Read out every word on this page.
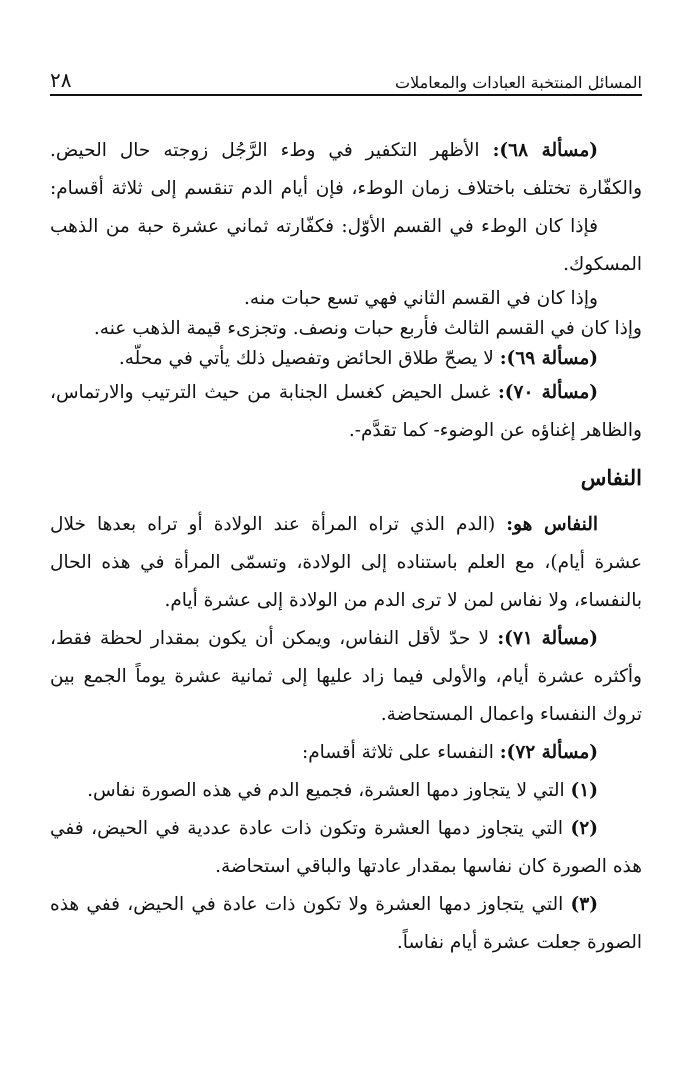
المسائل المنتخبة العبادات والمعاملات
٢٨
(مسألة ٦٨): الأظهر التكفير في وطء الرَّجُل زوجته حال الحيض.
والكفّارة تختلف باختلاف زمان الوطء، فإن أيام الدم تنقسم إلى ثلاثة أقسام:
فإذا كان الوطء في القسم الأوّل: فكفّارته ثماني عشرة حبة من الذهب
المسكوك.
وإذا كان في القسم الثاني فهي تسع حبات منه.
وإذا كان في القسم الثالث فأربع حبات ونصف. وتجزىء قيمة الذهب عنه.
(مسألة ٦٩): لا يصحّ طلاق الحائض وتفصيل ذلك يأتي في محلّه.
(مسألة ٧٠): غسل الحيض كغسل الجنابة من حيث الترتيب والارتماس،
والظاهر إغناؤه عن الوضوء- كما تقدَّم-.
النفاس
النفاس هو: (الدم الذي تراه المرأة عند الولادة أو تراه بعدها خلال
عشرة أيام)، مع العلم باستناده إلى الولادة، وتسمّى المرأة في هذه الحال
بالنفساء، ولا نفاس لمن لا ترى الدم من الولادة إلى عشرة أيام.
(مسألة ٧١): لا حدّ لأقل النفاس، ويمكن أن يكون بمقدار لحظة فقط،
وأكثره عشرة أيام، والأولى فيما زاد عليها إلى ثمانية عشرة يوماً الجمع بين
تروك النفساء واعمال المستحاضة.
(مسألة ٧٢): النفساء على ثلاثة أقسام:
(١) التي لا يتجاوز دمها العشرة، فجميع الدم في هذه الصورة نفاس.
(٢) التي يتجاوز دمها العشرة وتكون ذات عادة عددية في الحيض، ففي
هذه الصورة كان نفاسها بمقدار عادتها والباقي استحاضة.
(٣) التي يتجاوز دمها العشرة ولا تكون ذات عادة في الحيض، ففي هذه
الصورة جعلت عشرة أيام نفاساً.
